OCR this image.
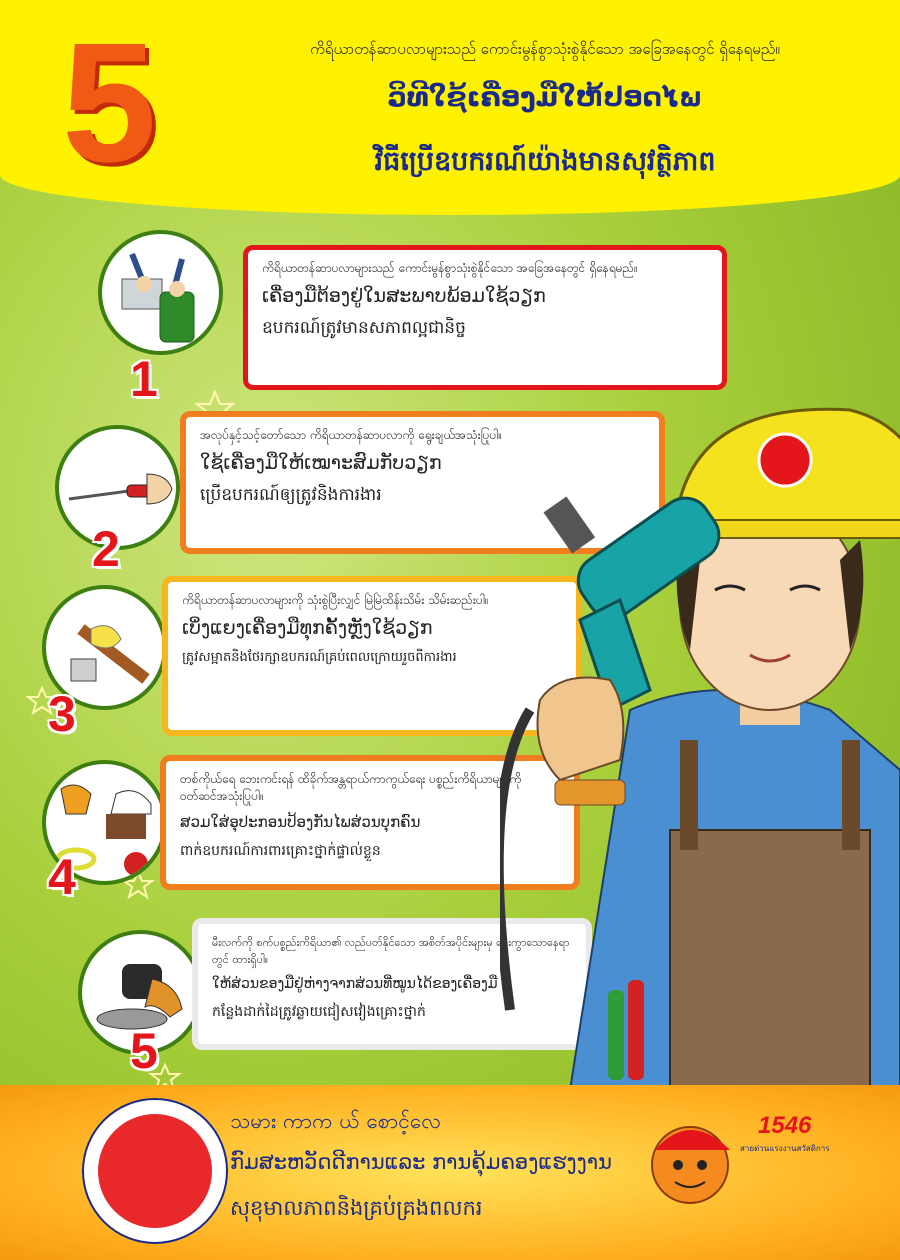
5	ကိရိယာတန်ဆာပလာများသည် ကောင်းမွန်စွာသုံးစွဲနိုင်သော အခြေအနေတွင် ရှိနေရမည်။
ວິທີໃຊ້ເຄື່ອງມືໃຫ້ປອດໄພ
វិធីប្រើឧបករណ៍យ៉ាងមានសុវត្ថិភាព
1
2
3
4
5
ကိရိယာတန်ဆာပလာများသည် ကောင်းမွန်စွာသုံးစွဲနိုင်သော အခြေအနေတွင် ရှိနေရမည်။
ເຄື່ອງມືຕ້ອງຢູ່ໃນສະພາບພ້ອມໃຊ້ວຽກ
ឧបករណ៍ត្រូវមានសភាពល្អជានិច្ច
အလုပ်နှင့်သင့်တော်သော ကိရိယာတန်ဆာပလာကို ရွေးချယ်အသုံးပြုပါ။
ໃຊ້ເຄື່ອງມືໃຫ້ເໝາະສົມກັບວຽກ
ប្រើឧបករណ៍ឲ្យត្រូវនិងការងារ
ကိရိယာတန်ဆာပလာများကို သုံးစွဲပြီးလျှင် မြဲမြဲထိန်းသိမ်း သိမ်းဆည်းပါ။
ເບິ່ງແຍງເຄື່ອງມືທຸກຄັ້ງຫຼັງໃຊ້ວຽກ
ត្រូវសម្អាតនិងថែរក្សាឧបករណ៍គ្រប់ពេលក្រោយរួចពីការងារ
တစ်ကိုယ်ရေ ဘေးကင်းရန် ထိခိုက်အန္တရာယ်ကာကွယ်ရေး ပစ္စည်းကိရိယာများကို ဝတ်ဆင်အသုံးပြုပါ။
ສວມໃສ່ອຸປະກອນປ້ອງກັນໄພສ່ວນບຸກຄົນ
ពាក់ឧបករណ៍ការពារគ្រោះថ្នាក់ផ្ទាល់ខ្លួន
မီးလက်ကို စက်ပစ္စည်းကိရိယာ၏ လည်ပတ်နိုင်သော အစိတ်အပိုင်းများမှ ဝေးကွာသောနေရာတွင် ထားရှိပါ။
ໃຫ້ສ່ວນຂອງມືຢູ່ຫ່າງຈາກສ່ວນທີ່ໝູນໄດ້ຂອງເຄື່ອງມື
កន្លែងដាក់ដៃត្រូវឆ្ងាយជៀសវៀងគ្រោះថ្នាក់
Department of Labour Protection and Welfare
သမား ကာက ယ် စောင့်လေ
ກົມສະຫວັດດີການແລະ ການຄຸ້ມຄອງແຮງງານ
សុខុមាលភាពនិងគ្រប់គ្រងពលករ
1546
สายด่วนแรงงานสวัสดิการ
